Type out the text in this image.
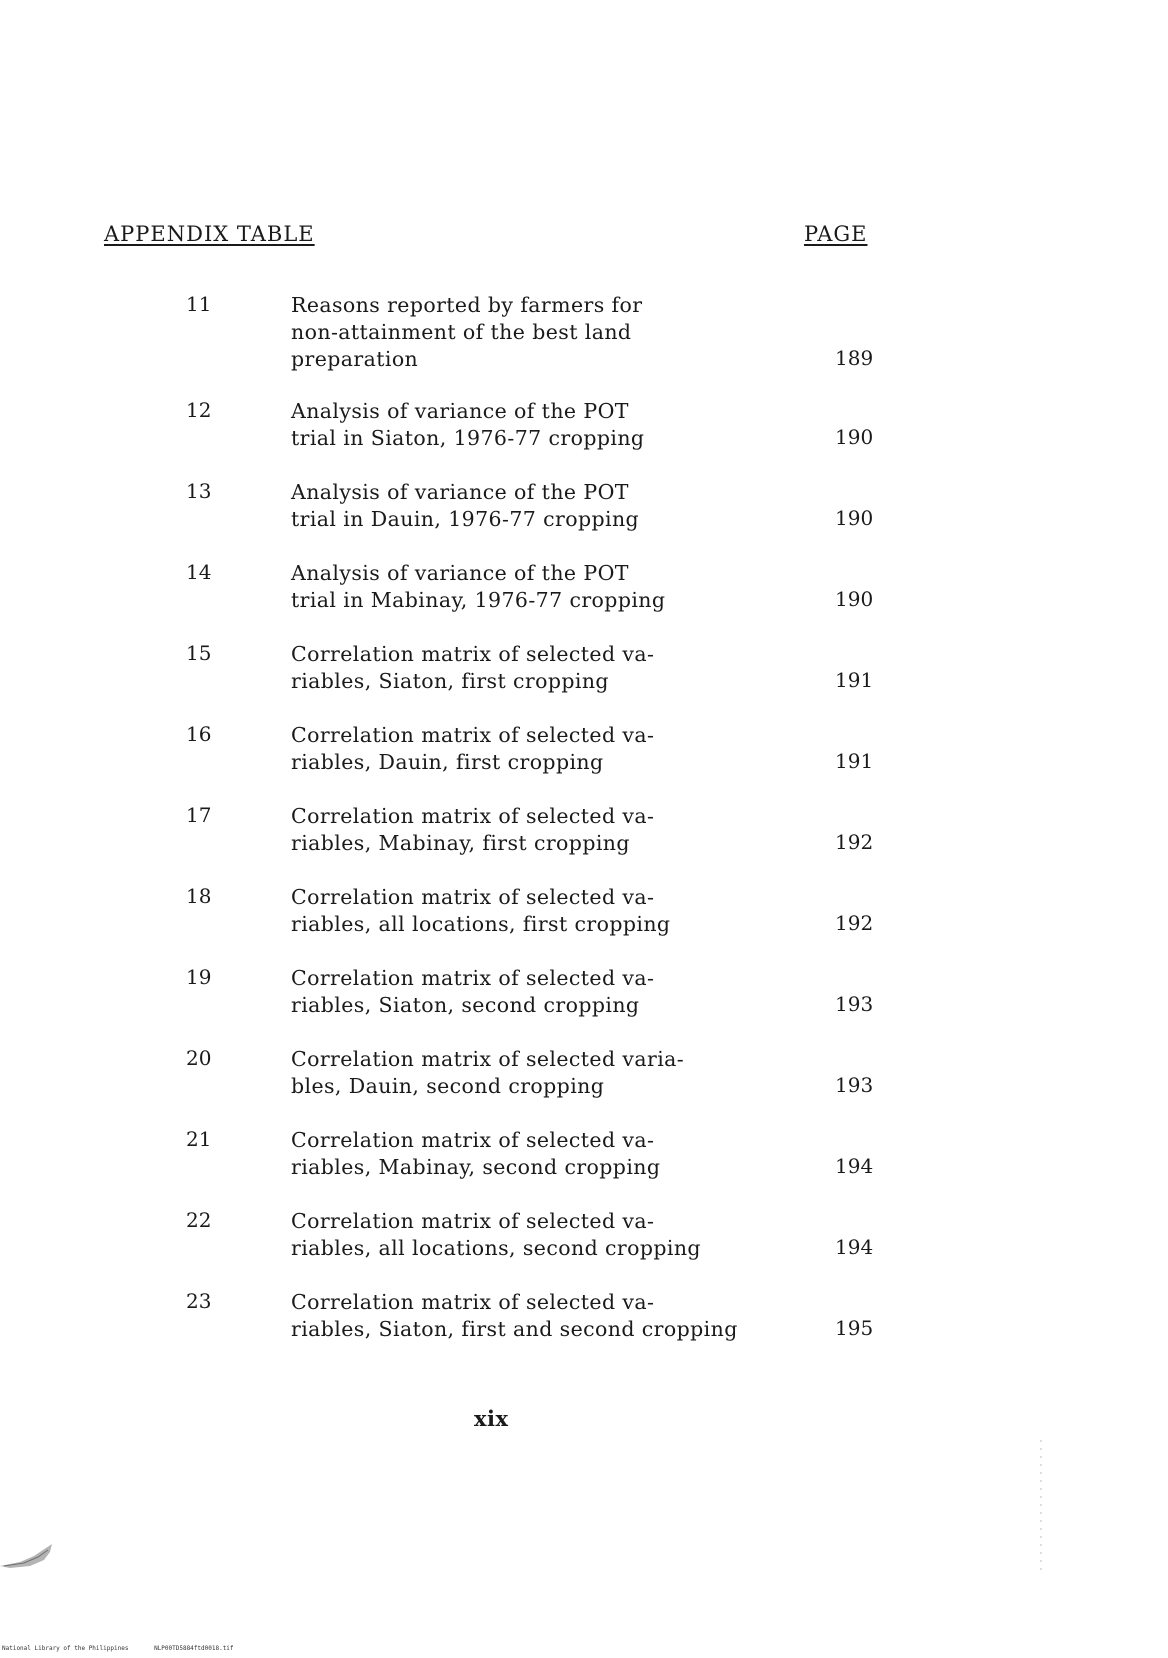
APPENDIX TABLE	PAGE
11	Reasons reported by farmers for
non-attainment of the best land
preparation	189
12	Analysis of variance of the POT
trial in Siaton, 1976-77 cropping	190
13	Analysis of variance of the POT
trial in Dauin, 1976-77 cropping	190
14	Analysis of variance of the POT
trial in Mabinay, 1976-77 cropping	190
15	Correlation matrix of selected va-
riables, Siaton, first cropping	191
16	Correlation matrix of selected va-
riables, Dauin, first cropping	191
17	Correlation matrix of selected va-
riables, Mabinay, first cropping	192
18	Correlation matrix of selected va-
riables, all locations, first cropping	192
19	Correlation matrix of selected va-
riables, Siaton, second cropping	193
20	Correlation matrix of selected varia-
bles, Dauin, second cropping	193
21	Correlation matrix of selected va-
riables, Mabinay, second cropping	194
22	Correlation matrix of selected va-
riables, all locations, second cropping	194
23	Correlation matrix of selected va-
riables, Siaton, first and second cropping	195
xix
National Library of the Philippines	NLP00TD5884ftd0018.tif
